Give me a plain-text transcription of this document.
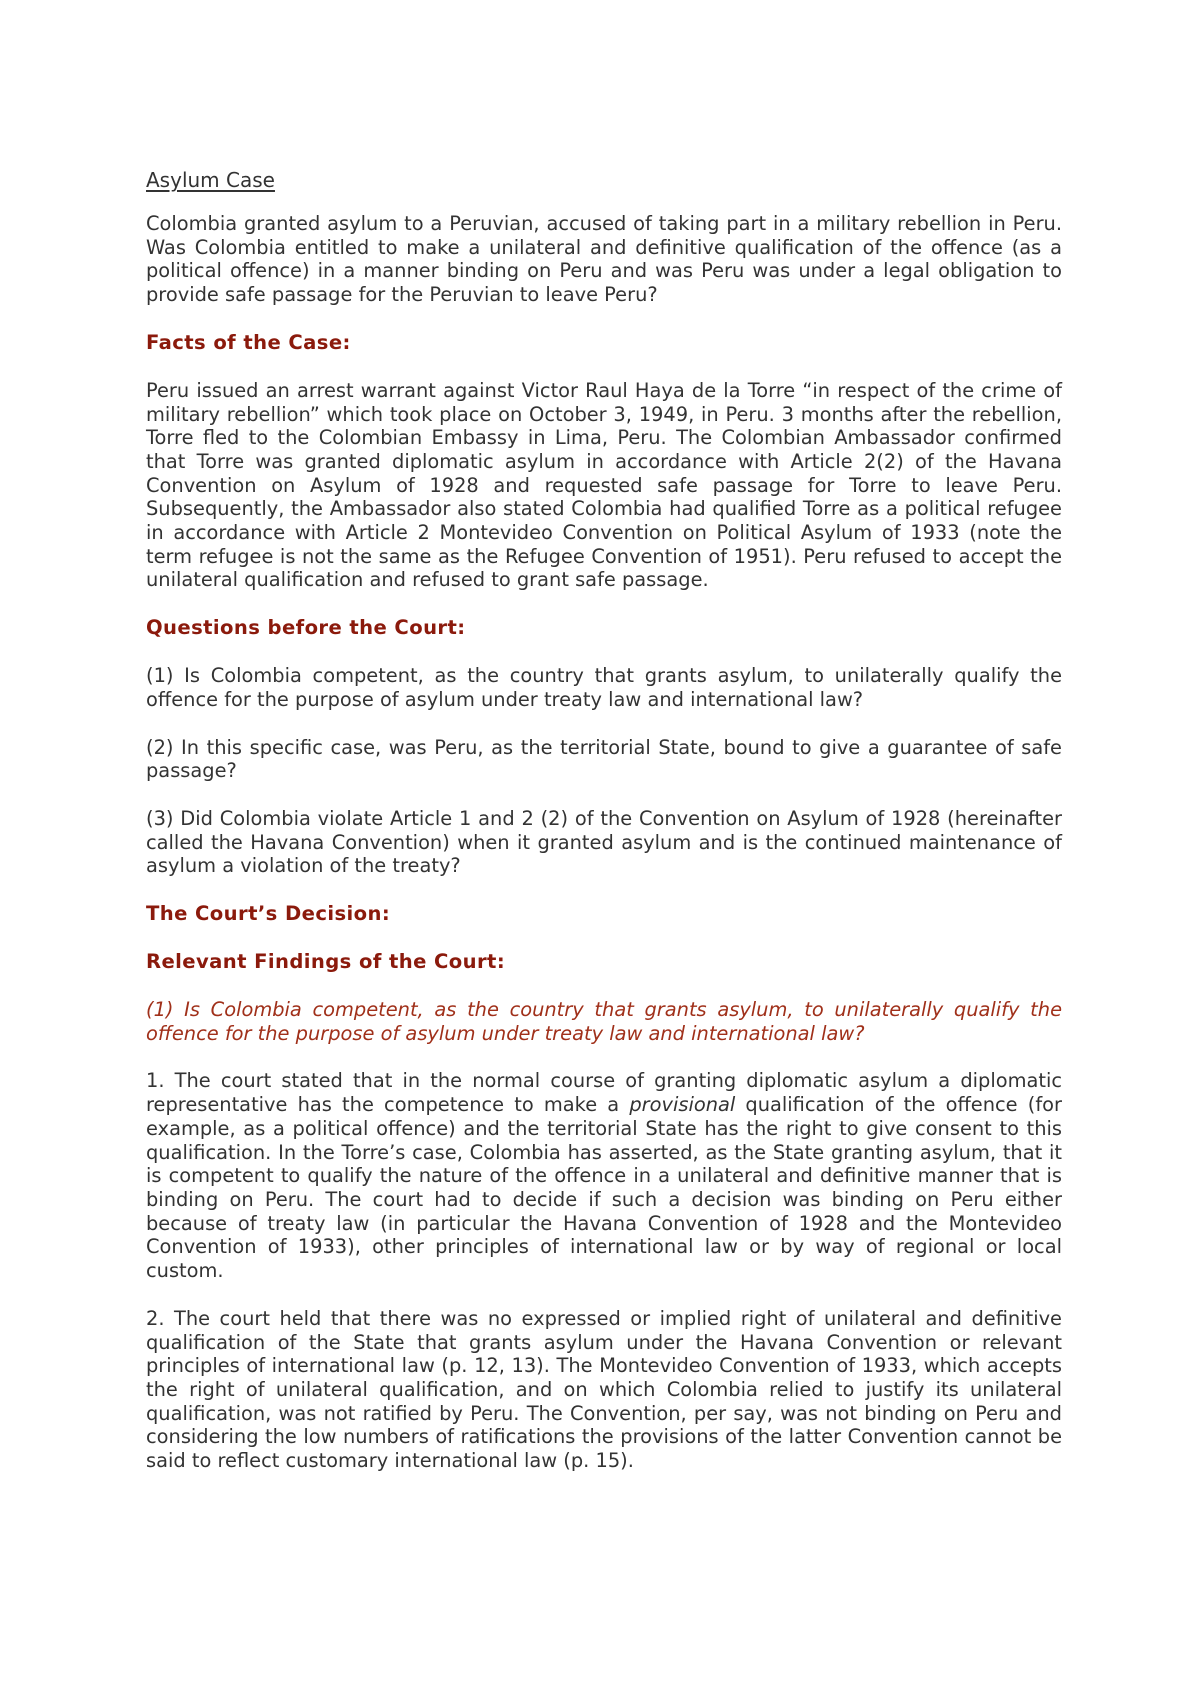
Asylum Case

Colombia granted asylum to a Peruvian, accused of taking part in a military rebellion in Peru. Was Colombia entitled to make a unilateral and definitive qualification of the offence (as a political offence) in a manner binding on Peru and was Peru was under a legal obligation to provide safe passage for the Peruvian to leave Peru?

Facts of the Case:

Peru issued an arrest warrant against Victor Raul Haya de la Torre “in respect of the crime of military rebellion” which took place on October 3, 1949, in Peru. 3 months after the rebellion, Torre fled to the Colombian Embassy in Lima, Peru. The Colombian Ambassador confirmed that Torre was granted diplomatic asylum in accordance with Article 2(2) of the Havana Convention on Asylum of 1928 and requested safe passage for Torre to leave Peru. Subsequently, the Ambassador also stated Colombia had qualified Torre as a political refugee in accordance with Article 2 Montevideo Convention on Political Asylum of 1933 (note the term refugee is not the same as the Refugee Convention of 1951). Peru refused to accept the unilateral qualification and refused to grant safe passage.

Questions before the Court:

(1) Is Colombia competent, as the country that grants asylum, to unilaterally qualify the offence for the purpose of asylum under treaty law and international law?

(2) In this specific case, was Peru, as the territorial State, bound to give a guarantee of safe passage?

(3) Did Colombia violate Article 1 and 2 (2) of the Convention on Asylum of 1928 (hereinafter called the Havana Convention) when it granted asylum and is the continued maintenance of asylum a violation of the treaty?

The Court’s Decision:
Relevant Findings of the Court:

(1) Is Colombia competent, as the country that grants asylum, to unilaterally qualify the offence for the purpose of asylum under treaty law and international law?

1. The court stated that in the normal course of granting diplomatic asylum a diplomatic representative has the competence to make a provisional qualification of the offence (for example, as a political offence) and the territorial State has the right to give consent to this qualification. In the Torre’s case, Colombia has asserted, as the State granting asylum, that it is competent to qualify the nature of the offence in a unilateral and definitive manner that is binding on Peru. The court had to decide if such a decision was binding on Peru either because of treaty law (in particular the Havana Convention of 1928 and the Montevideo Convention of 1933), other principles of international law or by way of regional or local custom.

2. The court held that there was no expressed or implied right of unilateral and definitive qualification of the State that grants asylum under the Havana Convention or relevant principles of international law (p. 12, 13). The Montevideo Convention of 1933, which accepts the right of unilateral qualification, and on which Colombia relied to justify its unilateral qualification, was not ratified by Peru. The Convention, per say, was not binding on Peru and considering the low numbers of ratifications the provisions of the latter Convention cannot be said to reflect customary international law (p. 15).
